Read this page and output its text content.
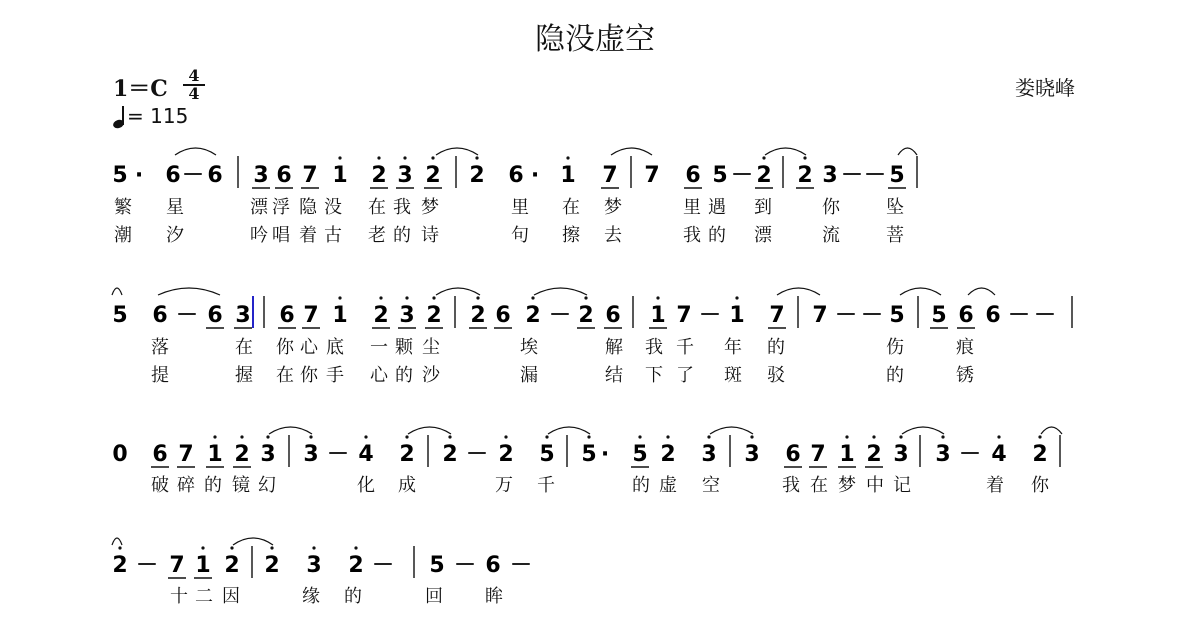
隐没虚空
娄晓峰
$1=C \frac{4}{4}$
= 115
5 · 6 － 6 3 6 7 1 2 3 2 2 6 · 1 7 7 6 5 － 2 2 3 － － 5
5 6 － 6 3 6 7 1 2 3 2 2 6 2 － 2 6 1 7 － 1 7 7 － － 5 5 6 6 － －
0 6 7 1 2 3 3 － 4 2 2 － 2 5 5 · 5 2 3 3 6 7 1 2 3 3 － 4 2
2 － 7 1 2 2 3 2 － 5 － 6 －
繁 星	漂 浮 隐 没 在 我 梦	里 在 梦	里 遇 到	你	坠
潮 汐	吟 唱 着 古 老 的 诗	句 擦 去	我 的 漂	流	菩
落	在 你 心 底 一 颗 尘	埃	解 我 千 年 的	伤	痕
提	握 在 你 手 心 的 沙	漏	结 下 了 斑 驳	的	锈
破 碎 的 镜 幻	化 成	万 千	的 虚 空	我 在 梦 中 记	着 你
十 二 因	缘 的	回 眸
